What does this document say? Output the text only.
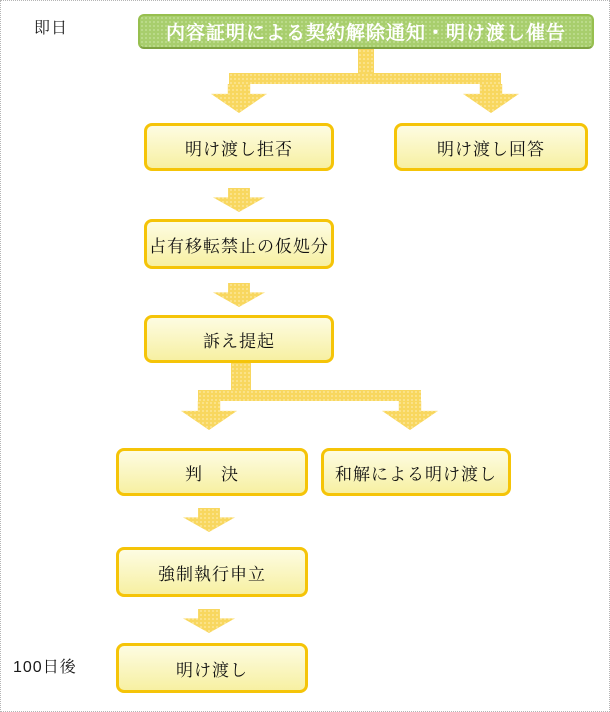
即日
100日後
内容証明による契約解除通知・明け渡し催告
明け渡し拒否	明け渡し回答
占有移転禁止の仮処分
訴え提起
判　決	和解による明け渡し
強制執行申立
明け渡し
